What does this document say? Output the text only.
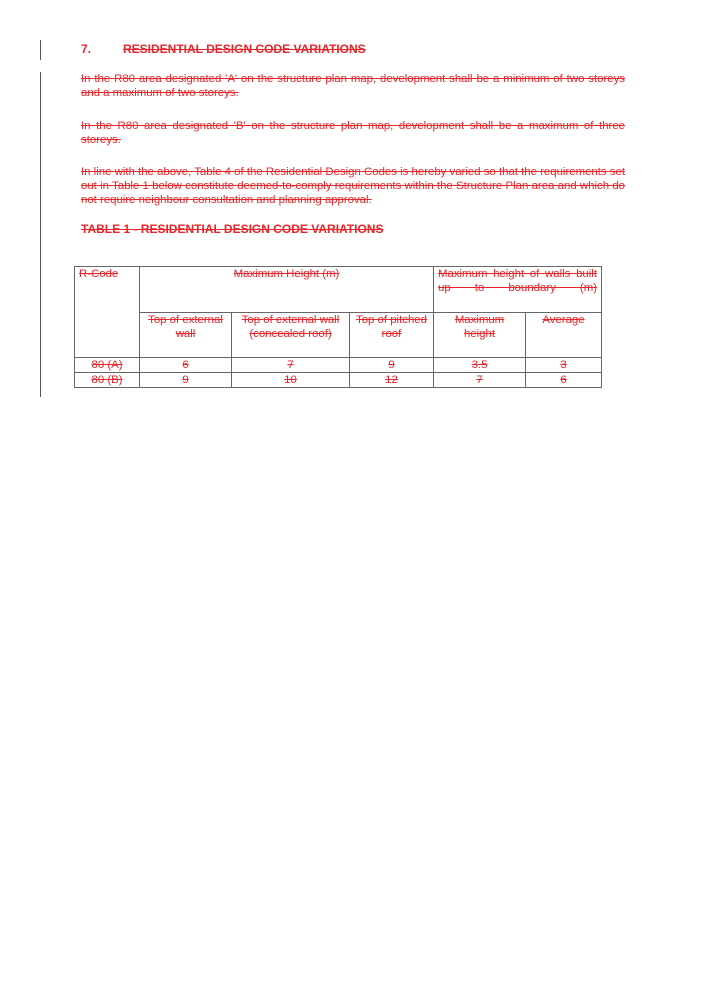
7.	RESIDENTIAL DESIGN CODE VARIATIONS

In the R80 area designated 'A' on the structure plan map, development shall be a minimum of two storeys and a maximum of two storeys.

In the R80 area designated 'B' on the structure plan map, development shall be a maximum of three storeys.

In line with the above, Table 4 of the Residential Design Codes is hereby varied so that the requirements set out in Table 1 below constitute deemed-to-comply requirements within the Structure Plan area and which do not require neighbour consultation and planning approval.

TABLE 1 - RESIDENTIAL DESIGN CODE VARIATIONS
R-Code	Maximum Height (m)			Maximum height of walls built up to boundary (m)	
	Top of external wall	Top of external wall (concealed roof)	Top of pitched roof	Maximum height	Average
80 (A)	6	7	9	3.5	3
80 (B)	9	10	12	7	6
